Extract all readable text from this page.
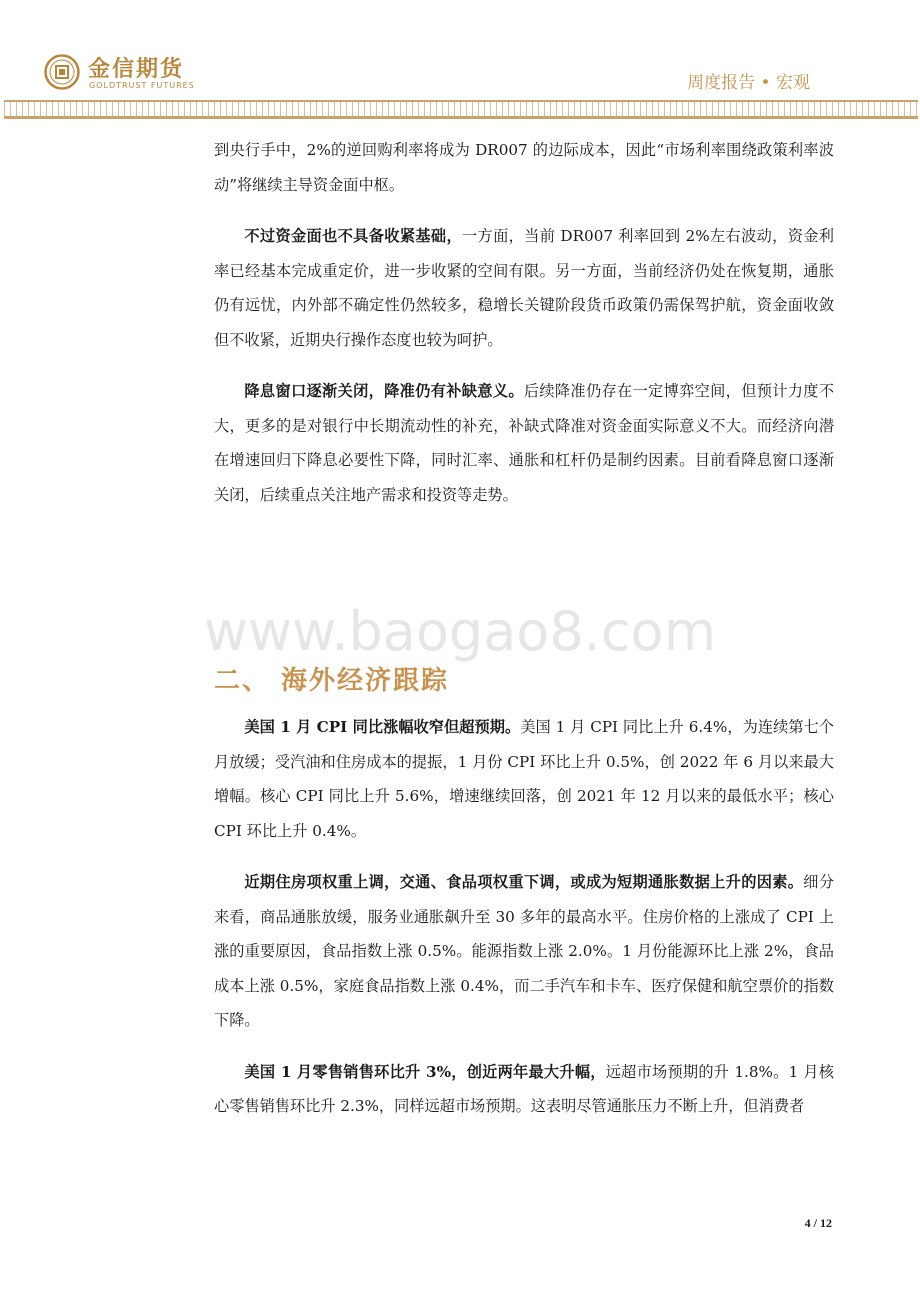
金信期货
GOLDTRUST FUTURES	周度报告 • 宏观

到央行手中，2%的逆回购利率将成为 DR007 的边际成本，因此“市场利率围绕政策利率波动”将继续主导资金面中枢。

不过资金面也不具备收紧基础，一方面，当前 DR007 利率回到 2%左右波动，资金利率已经基本完成重定价，进一步收紧的空间有限。另一方面，当前经济仍处在恢复期，通胀仍有远忧，内外部不确定性仍然较多，稳增长关键阶段货币政策仍需保驾护航，资金面收敛但不收紧，近期央行操作态度也较为呵护。

降息窗口逐渐关闭，降准仍有补缺意义。后续降准仍存在一定博弈空间，但预计力度不大，更多的是对银行中长期流动性的补充，补缺式降准对资金面实际意义不大。而经济向潜在增速回归下降息必要性下降，同时汇率、通胀和杠杆仍是制约因素。目前看降息窗口逐渐关闭，后续重点关注地产需求和投资等走势。

www.baogao8.com
二、 海外经济跟踪

美国 1 月 CPI 同比涨幅收窄但超预期。美国 1 月 CPI 同比上升 6.4%，为连续第七个月放缓；受汽油和住房成本的提振，1 月份 CPI 环比上升 0.5%，创 2022 年 6 月以来最大增幅。核心 CPI 同比上升 5.6%，增速继续回落，创 2021 年 12 月以来的最低水平；核心 CPI 环比上升 0.4%。

近期住房项权重上调，交通、食品项权重下调，或成为短期通胀数据上升的因素。细分来看，商品通胀放缓，服务业通胀飙升至 30 多年的最高水平。住房价格的上涨成了 CPI 上涨的重要原因，食品指数上涨 0.5%。能源指数上涨 2.0%。1 月份能源环比上涨 2%，食品成本上涨 0.5%，家庭食品指数上涨 0.4%，而二手汽车和卡车、医疗保健和航空票价的指数下降。

美国 1 月零售销售环比升 3%，创近两年最大升幅，远超市场预期的升 1.8%。1 月核心零售销售环比升 2.3%，同样远超市场预期。这表明尽管通胀压力不断上升，但消费者

4 / 12
